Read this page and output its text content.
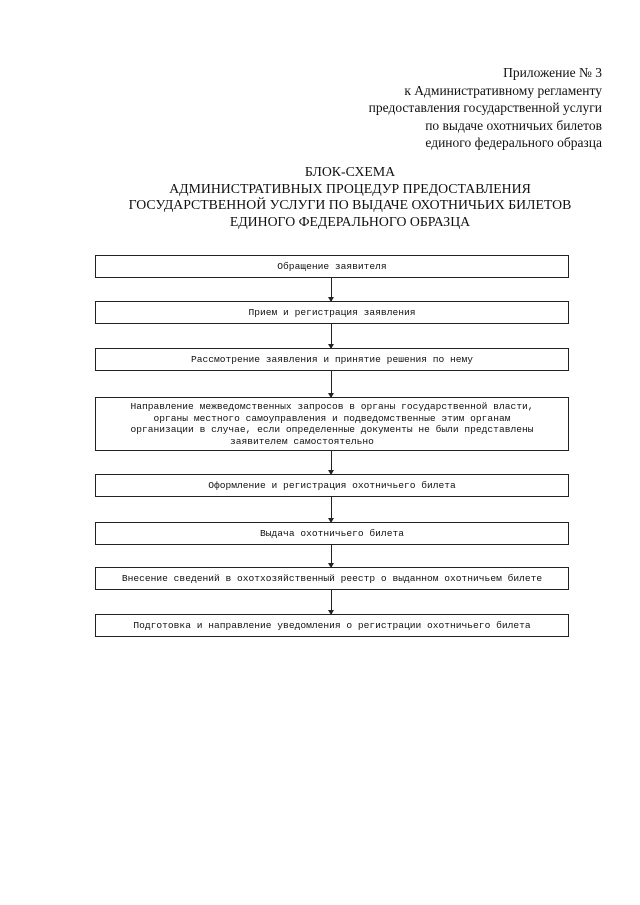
Приложение № 3
к Административному регламенту
предоставления государственной услуги
по выдаче охотничьих билетов
единого федерального образца
БЛОК-СХЕМА
АДМИНИСТРАТИВНЫХ ПРОЦЕДУР ПРЕДОСТАВЛЕНИЯ
ГОСУДАРСТВЕННОЙ УСЛУГИ ПО ВЫДАЧЕ ОХОТНИЧЬИХ БИЛЕТОВ
ЕДИНОГО ФЕДЕРАЛЬНОГО ОБРАЗЦА
Обращение заявителя
Прием и регистрация заявления
Рассмотрение заявления и принятие решения по нему
Направление межведомственных запросов в органы государственной власти,
органы местного самоуправления и подведомственные этим органам
организации в случае, если определенные документы не были представлены
заявителем самостоятельно
Оформление и регистрация охотничьего билета
Выдача охотничьего билета
Внесение сведений в охотхозяйственный реестр о выданном охотничьем билете
Подготовка и направление уведомления о регистрации охотничьего билета
